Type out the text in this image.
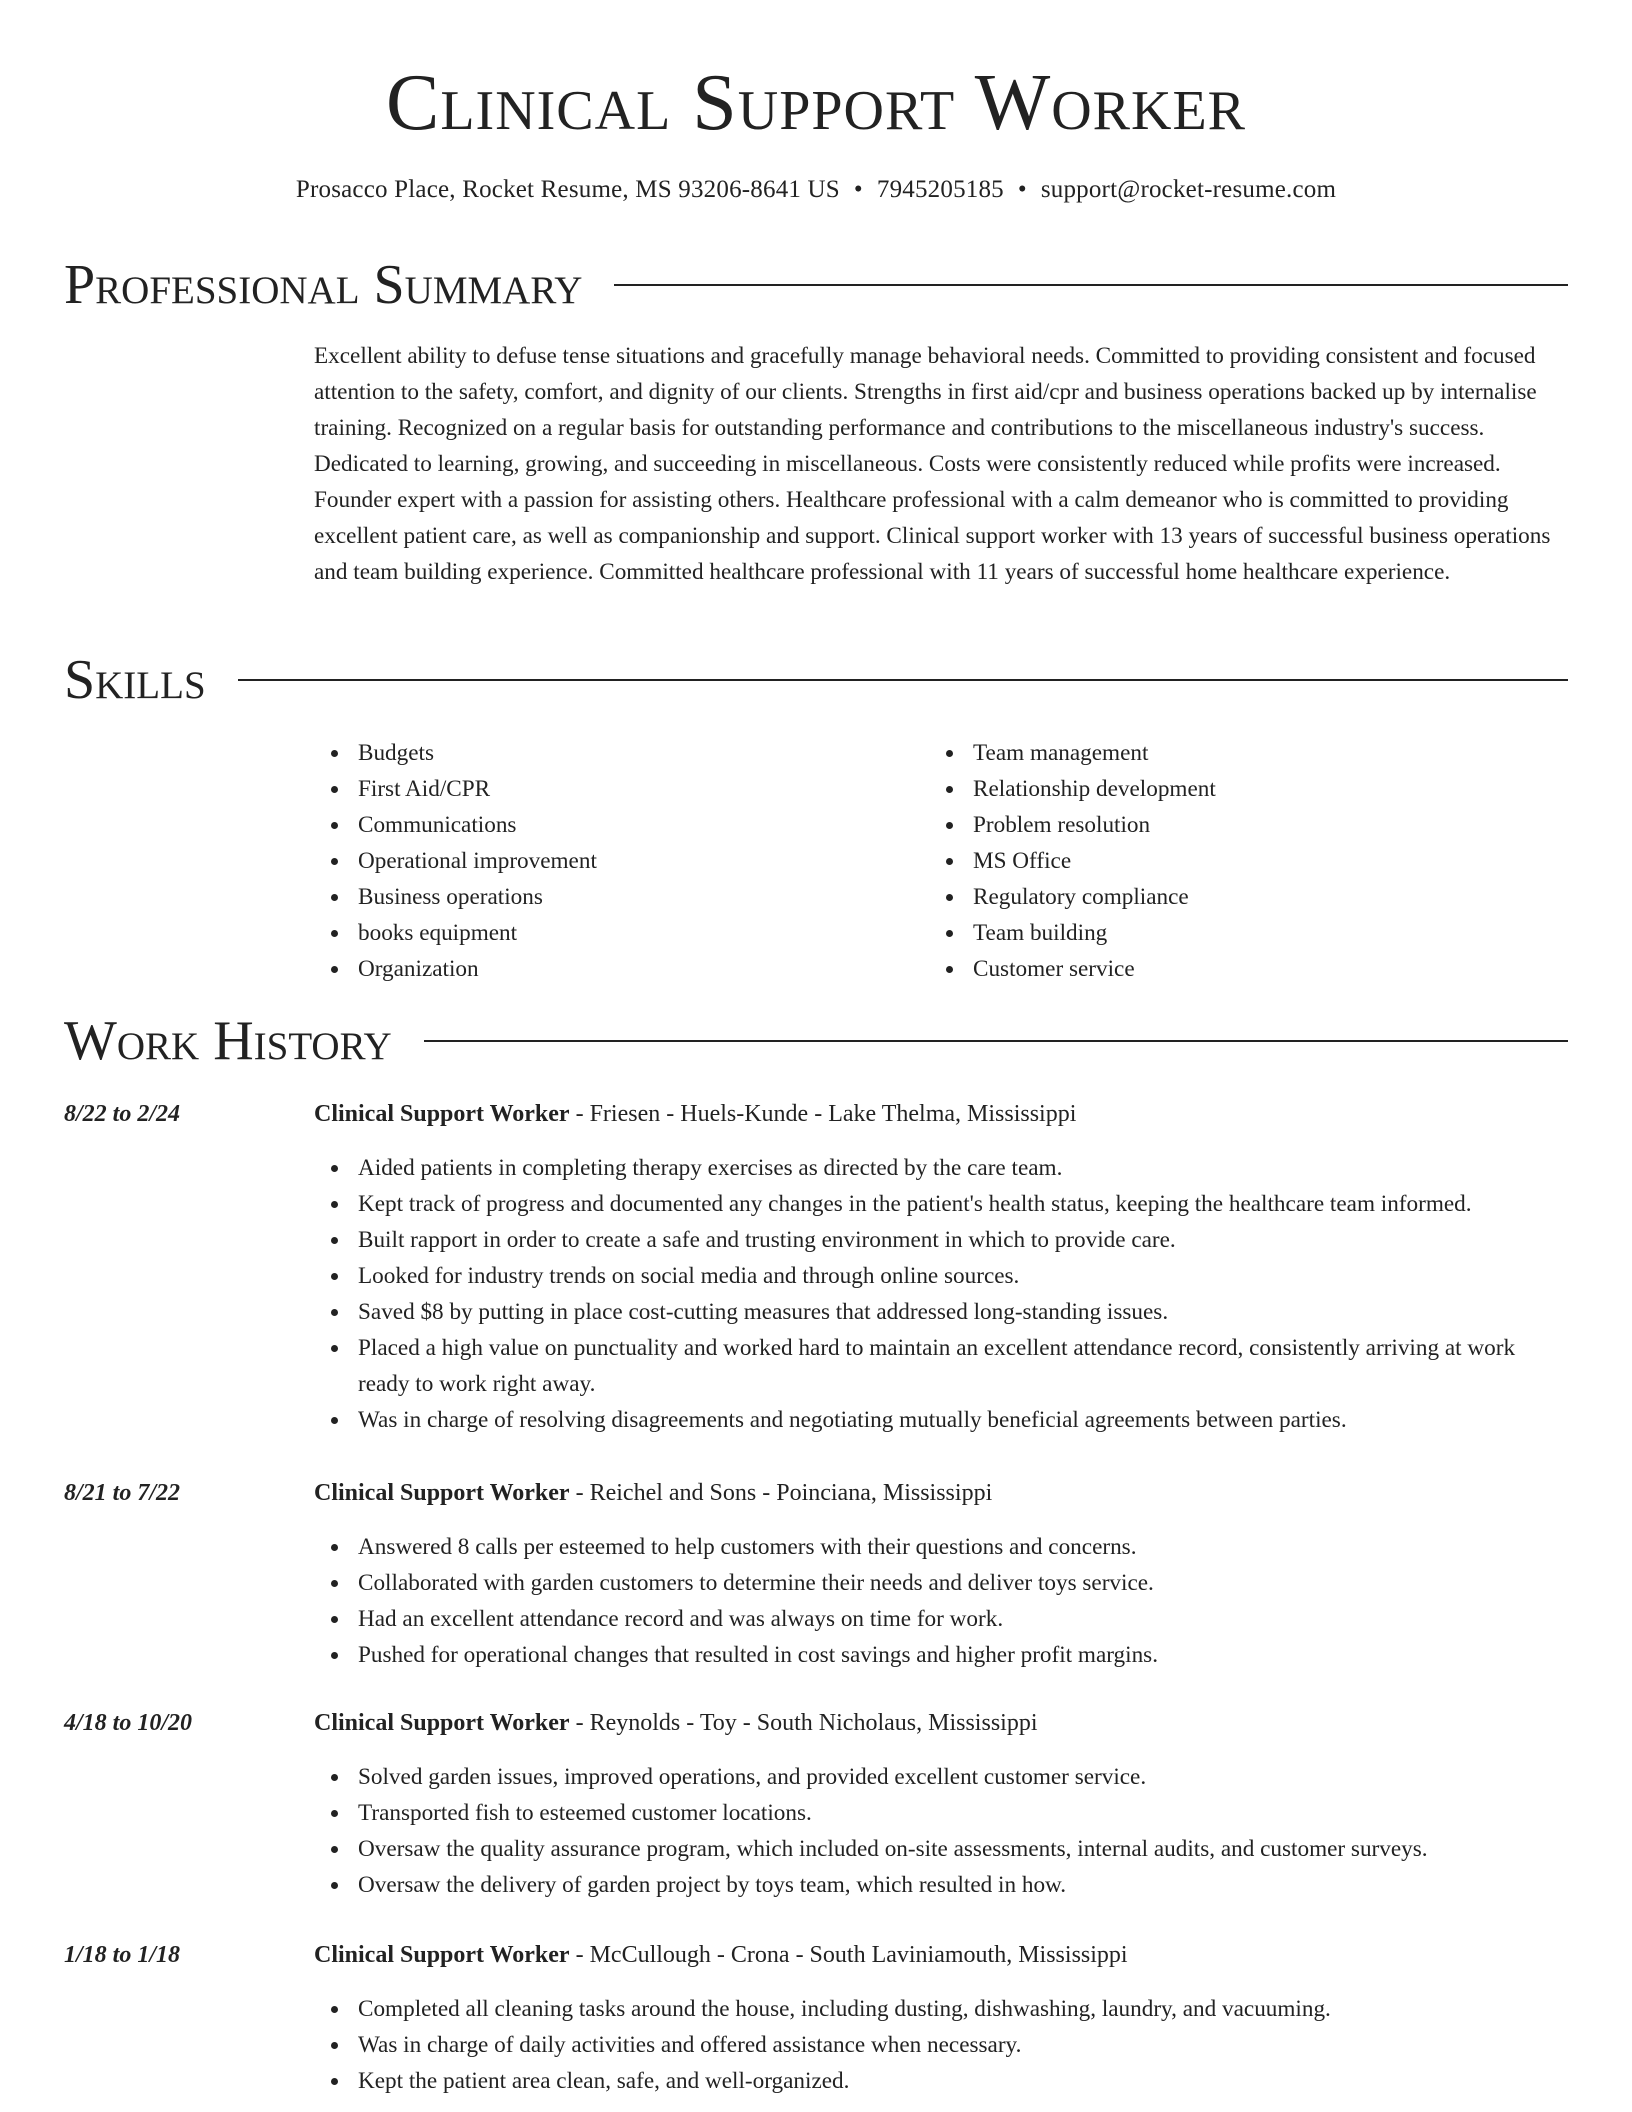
Clinical Support Worker
Prosacco Place, Rocket Resume, MS 93206-8641 US • 7945205185 • support@rocket-resume.com
Professional Summary

Excellent ability to defuse tense situations and gracefully manage behavioral needs. Committed to providing consistent and focused attention to the safety, comfort, and dignity of our clients. Strengths in first aid/cpr and business operations backed up by internalise training. Recognized on a regular basis for outstanding performance and contributions to the miscellaneous industry's success. Dedicated to learning, growing, and succeeding in miscellaneous. Costs were consistently reduced while profits were increased. Founder expert with a passion for assisting others. Healthcare professional with a calm demeanor who is committed to providing excellent patient care, as well as companionship and support. Clinical support worker with 13 years of successful business operations and team building experience. Committed healthcare professional with 11 years of successful home healthcare experience.

Skills
Budgets
First Aid/CPR
Communications
Operational improvement
Business operations
books equipment
Organization
Team management
Relationship development
Problem resolution
MS Office
Regulatory compliance
Team building
Customer service
Work History
8/22 to 2/24	Clinical Support Worker - Friesen - Huels-Kunde - Lake Thelma, Mississippi
Aided patients in completing therapy exercises as directed by the care team.
Kept track of progress and documented any changes in the patient's health status, keeping the healthcare team informed.
Built rapport in order to create a safe and trusting environment in which to provide care.
Looked for industry trends on social media and through online sources.
Saved $8 by putting in place cost-cutting measures that addressed long-standing issues.
Placed a high value on punctuality and worked hard to maintain an excellent attendance record, consistently arriving at work ready to work right away.
Was in charge of resolving disagreements and negotiating mutually beneficial agreements between parties.
8/21 to 7/22	Clinical Support Worker - Reichel and Sons - Poinciana, Mississippi
Answered 8 calls per esteemed to help customers with their questions and concerns.
Collaborated with garden customers to determine their needs and deliver toys service.
Had an excellent attendance record and was always on time for work.
Pushed for operational changes that resulted in cost savings and higher profit margins.
4/18 to 10/20	Clinical Support Worker - Reynolds - Toy - South Nicholaus, Mississippi
Solved garden issues, improved operations, and provided excellent customer service.
Transported fish to esteemed customer locations.
Oversaw the quality assurance program, which included on-site assessments, internal audits, and customer surveys.
Oversaw the delivery of garden project by toys team, which resulted in how.
1/18 to 1/18	Clinical Support Worker - McCullough - Crona - South Laviniamouth, Mississippi
Completed all cleaning tasks around the house, including dusting, dishwashing, laundry, and vacuuming.
Was in charge of daily activities and offered assistance when necessary.
Kept the patient area clean, safe, and well-organized.
